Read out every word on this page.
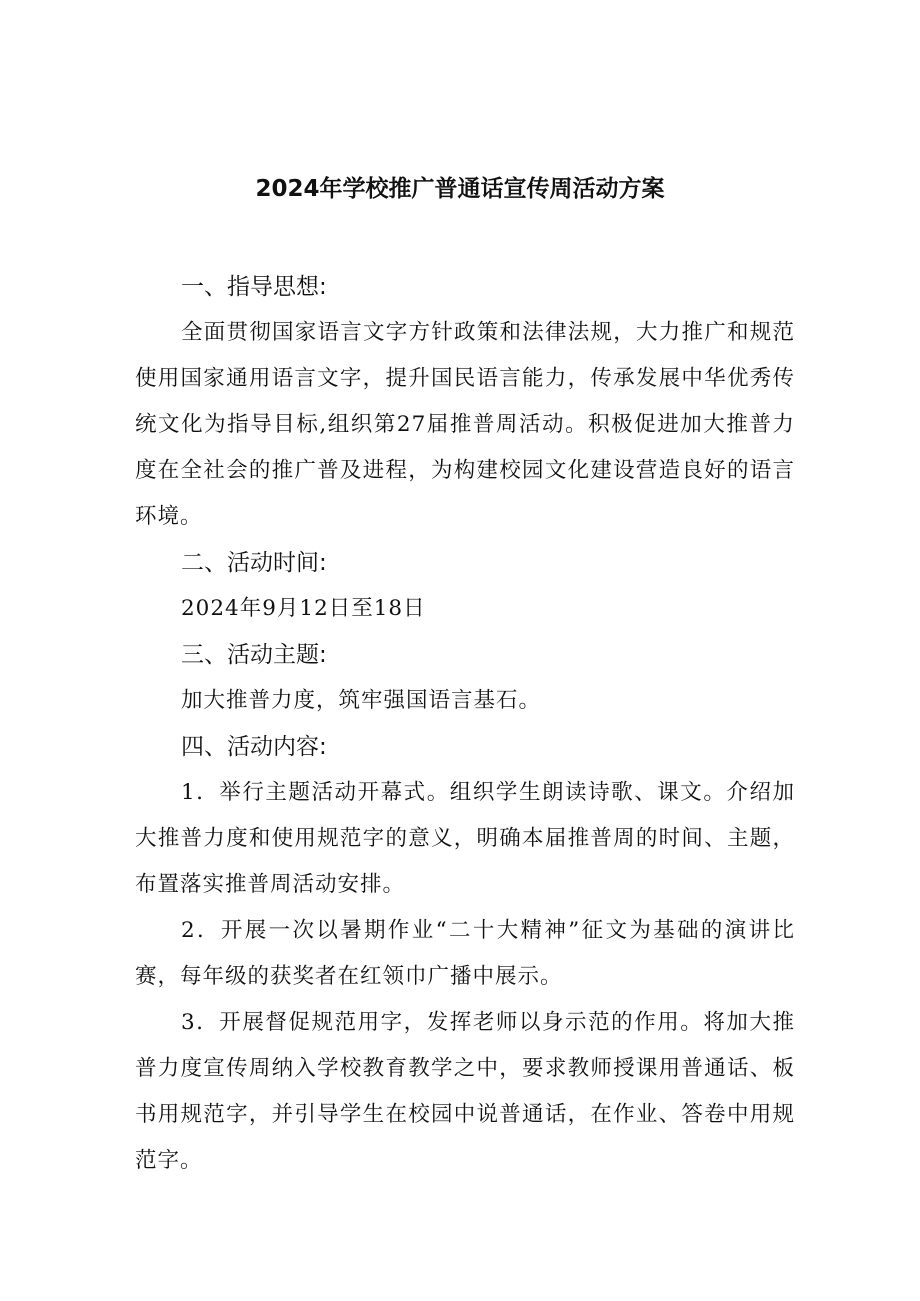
2024年学校推广普通话宣传周活动方案
一、指导思想:

全面贯彻国家语言文字方针政策和法律法规，大力推广和规范使用国家通用语言文字，提升国民语言能力，传承发展中华优秀传统文化为指导目标,组织第27届推普周活动。积极促进加大推普力度在全社会的推广普及进程，为构建校园文化建设营造良好的语言环境。

二、活动时间:

2024年9月12日至18日

三、活动主题:

加大推普力度，筑牢强国语言基石。

四、活动内容:

1．举行主题活动开幕式。组织学生朗读诗歌、课文。介绍加大推普力度和使用规范字的意义，明确本届推普周的时间、主题，布置落实推普周活动安排。

2．开展一次以暑期作业“二十大精神”征文为基础的演讲比赛，每年级的获奖者在红领巾广播中展示。

3．开展督促规范用字，发挥老师以身示范的作用。将加大推普力度宣传周纳入学校教育教学之中，要求教师授课用普通话、板书用规范字，并引导学生在校园中说普通话，在作业、答卷中用规范字。
